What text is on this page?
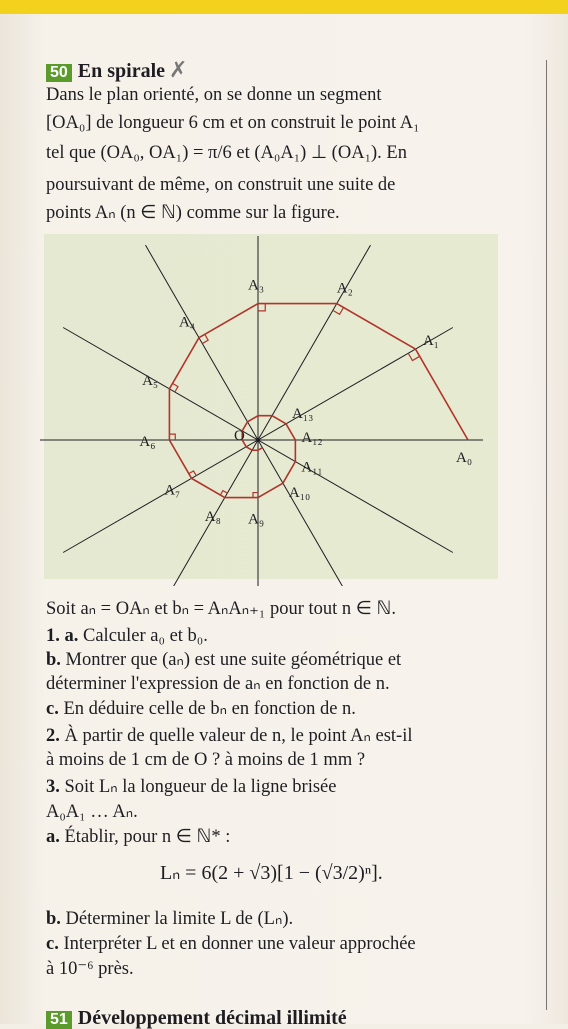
50 En spirale ✗
Dans le plan orienté, on se donne un segment
[OA₀] de longueur 6 cm et on construit le point A₁
tel que (OA₀, OA₁) = π/6 et (A₀A₁) ⊥ (OA₁). En
poursuivant de même, on construit une suite de
points Aₙ (n ∈ ℕ) comme sur la figure.
O
A₀
A₁
A₂
A₃
A₄
A₅
A₆
A₇
A₈ A₉
A₁₀
A₁₁
A₁₂
A₁₃
Soit aₙ = OAₙ et bₙ = AₙAₙ₊₁ pour tout n ∈ ℕ.
1. a. Calculer a₀ et b₀.
b. Montrer que (aₙ) est une suite géométrique et
déterminer l'expression de aₙ en fonction de n.
c. En déduire celle de bₙ en fonction de n.
2. À partir de quelle valeur de n, le point Aₙ est-il
à moins de 1 cm de O ? à moins de 1 mm ?
3. Soit Lₙ la longueur de la ligne brisée
A₀A₁ … Aₙ.
a. Établir, pour n ∈ ℕ* :
Lₙ = 6(2 + √3)[1 − (√3/2)ⁿ].
b. Déterminer la limite L de (Lₙ).
c. Interpréter L et en donner une valeur approchée
à 10⁻⁶ près.
51 Développement décimal illimité
